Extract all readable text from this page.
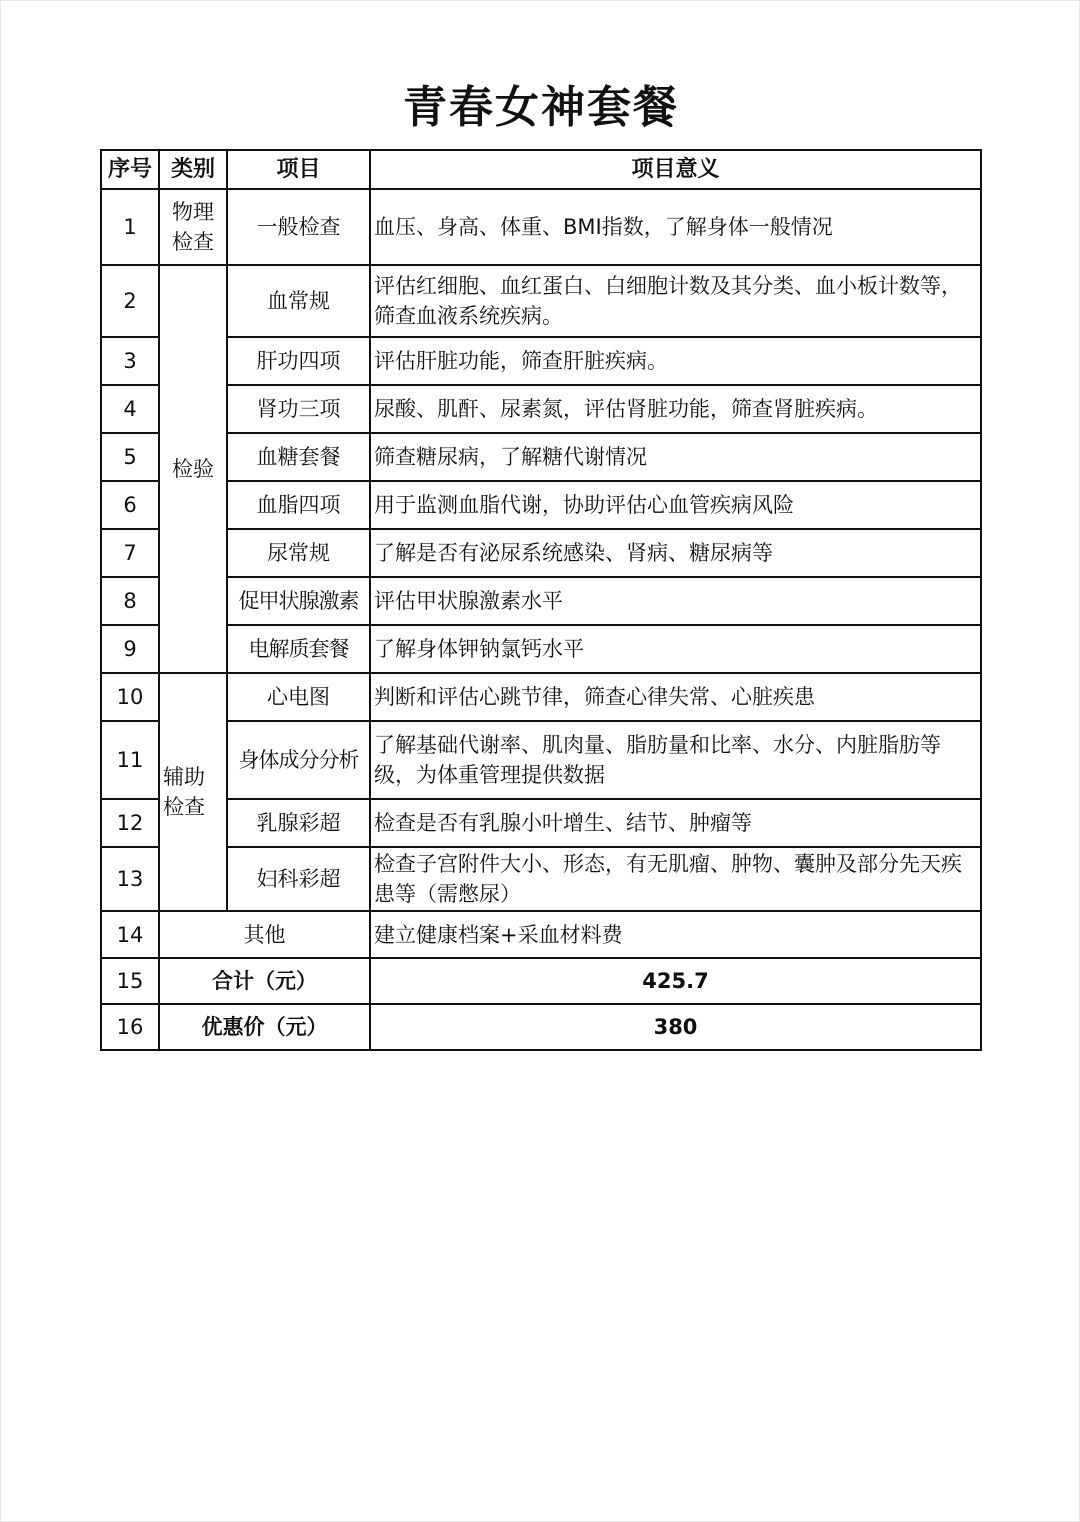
青春女神套餐
序号	类别	项目	项目意义
1	物理检查	一般检查	血压、身高、体重、BMI指数，了解身体一般情况
2	检验	血常规	评估红细胞、血红蛋白、白细胞计数及其分类、血小板计数等，筛查血液系统疾病。
3		肝功四项	评估肝脏功能，筛查肝脏疾病。
4		肾功三项	尿酸、肌酐、尿素氮，评估肾脏功能，筛查肾脏疾病。
5		血糖套餐	筛查糖尿病，了解糖代谢情况
6		血脂四项	用于监测血脂代谢，协助评估心血管疾病风险
7		尿常规	了解是否有泌尿系统感染、肾病、糖尿病等
8		促甲状腺激素	评估甲状腺激素水平
9		电解质套餐	了解身体钾钠氯钙水平
10	辅助检查	心电图	判断和评估心跳节律，筛查心律失常、心脏疾患
11		身体成分分析	了解基础代谢率、肌肉量、脂肪量和比率、水分、内脏脂肪等级，为体重管理提供数据
12		乳腺彩超	检查是否有乳腺小叶增生、结节、肿瘤等
13		妇科彩超	检查子宫附件大小、形态，有无肌瘤、肿物、囊肿及部分先天疾患等（需憋尿）
14	其他		建立健康档案+采血材料费
15	合计（元）		425.7
16	优惠价（元）		380
